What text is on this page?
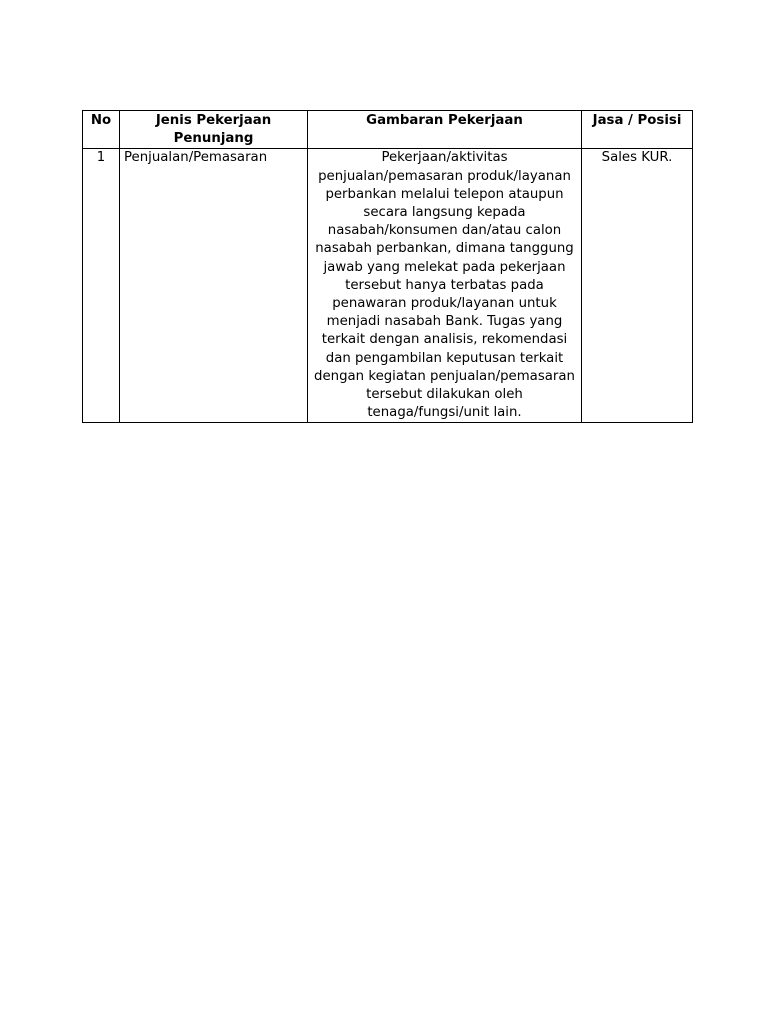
No	Jenis Pekerjaan Penunjang	Gambaran Pekerjaan	Jasa / Posisi
1	Penjualan/Pemasaran	Pekerjaan/aktivitas penjualan/pemasaran produk/layanan perbankan melalui telepon ataupun secara langsung kepada nasabah/konsumen dan/atau calon nasabah perbankan, dimana tanggung jawab yang melekat pada pekerjaan tersebut hanya terbatas pada penawaran produk/layanan untuk menjadi nasabah Bank. Tugas yang terkait dengan analisis, rekomendasi dan pengambilan keputusan terkait dengan kegiatan penjualan/pemasaran tersebut dilakukan oleh tenaga/fungsi/unit lain.	Sales KUR.
